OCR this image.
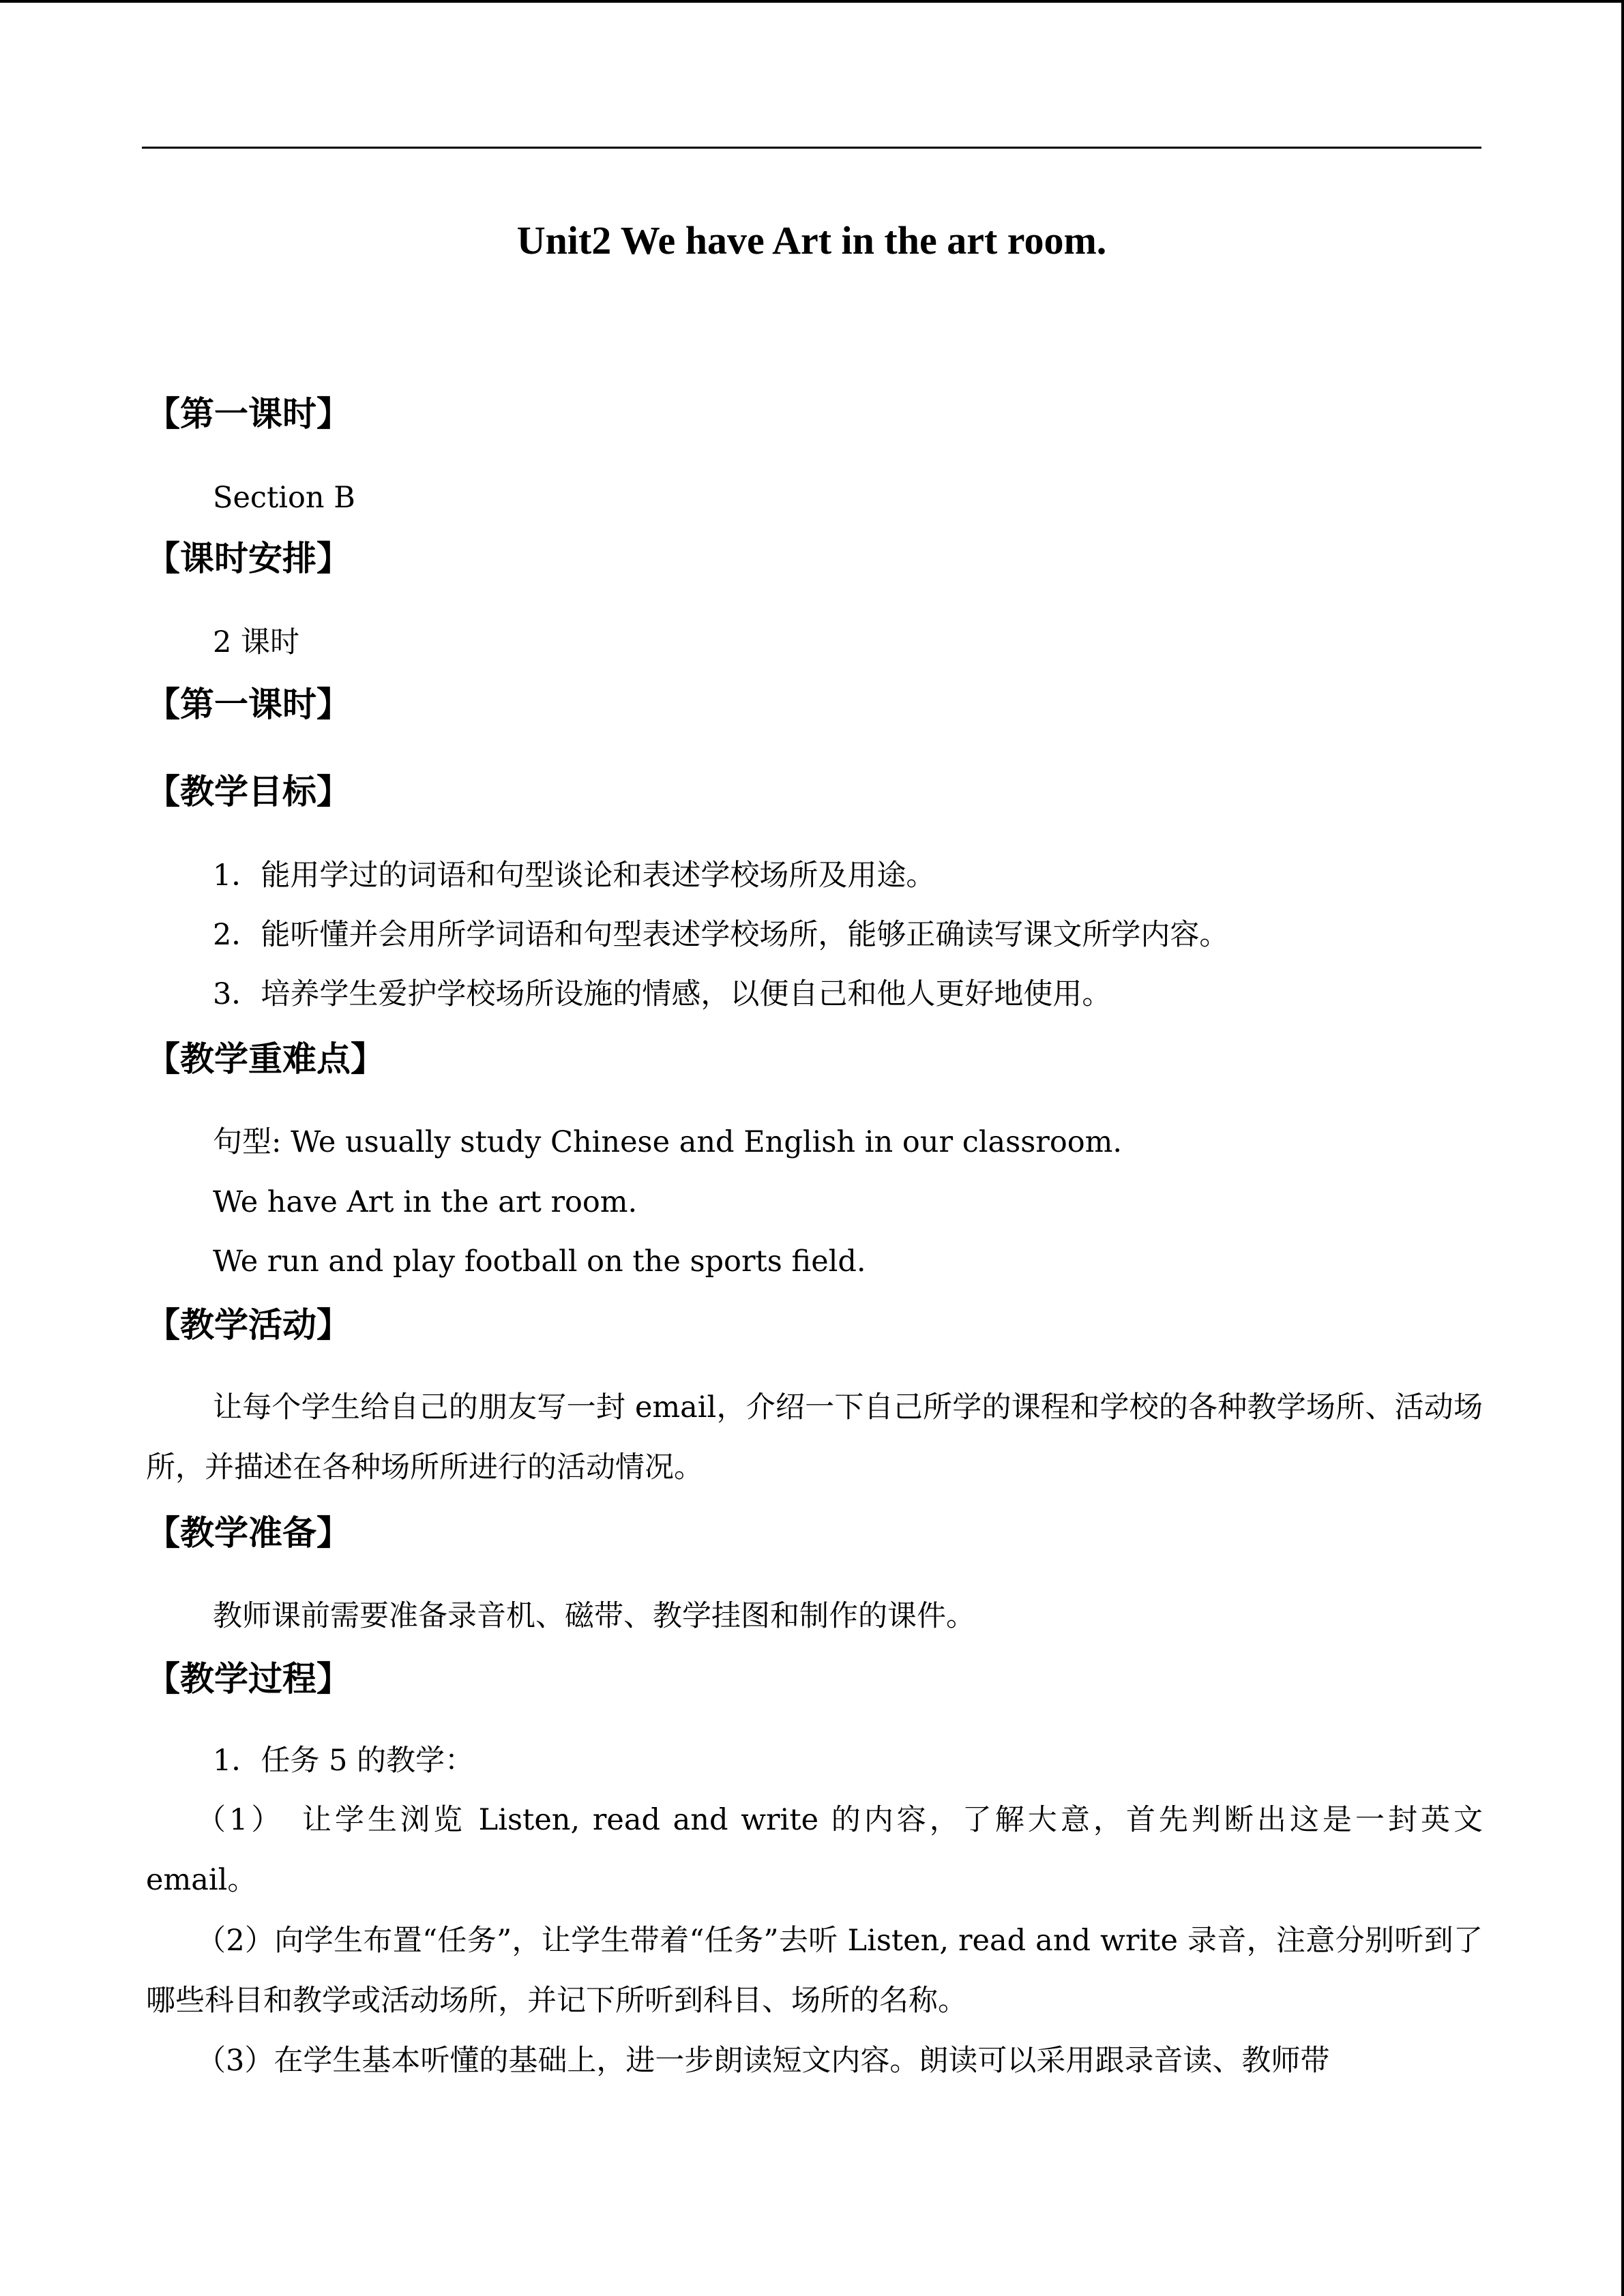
Unit2 We have Art in the art room.

【第一课时】

Section B

【课时安排】

2 课时

【第一课时】

【教学目标】

1．能用学过的词语和句型谈论和表述学校场所及用途。

2．能听懂并会用所学词语和句型表述学校场所，能够正确读写课文所学内容。

3．培养学生爱护学校场所设施的情感，以便自己和他人更好地使用。

【教学重难点】

句型: We usually study Chinese and English in our classroom.

We have Art in the art room.

We run and play football on the sports field.

【教学活动】

让每个学生给自己的朋友写一封 email，介绍一下自己所学的课程和学校的各种教学场所、活动场所，并描述在各种场所所进行的活动情况。

【教学准备】

教师课前需要准备录音机、磁带、教学挂图和制作的课件。

【教学过程】

1．任务 5 的教学：

（1）　让学生浏览 Listen, read and write 的内容，了解大意，首先判断出这是一封英文 email。

（2）向学生布置“任务”，让学生带着“任务”去听 Listen, read and write 录音，注意分别听到了哪些科目和教学或活动场所，并记下所听到科目、场所的名称。

（3）在学生基本听懂的基础上，进一步朗读短文内容。朗读可以采用跟录音读、教师带
